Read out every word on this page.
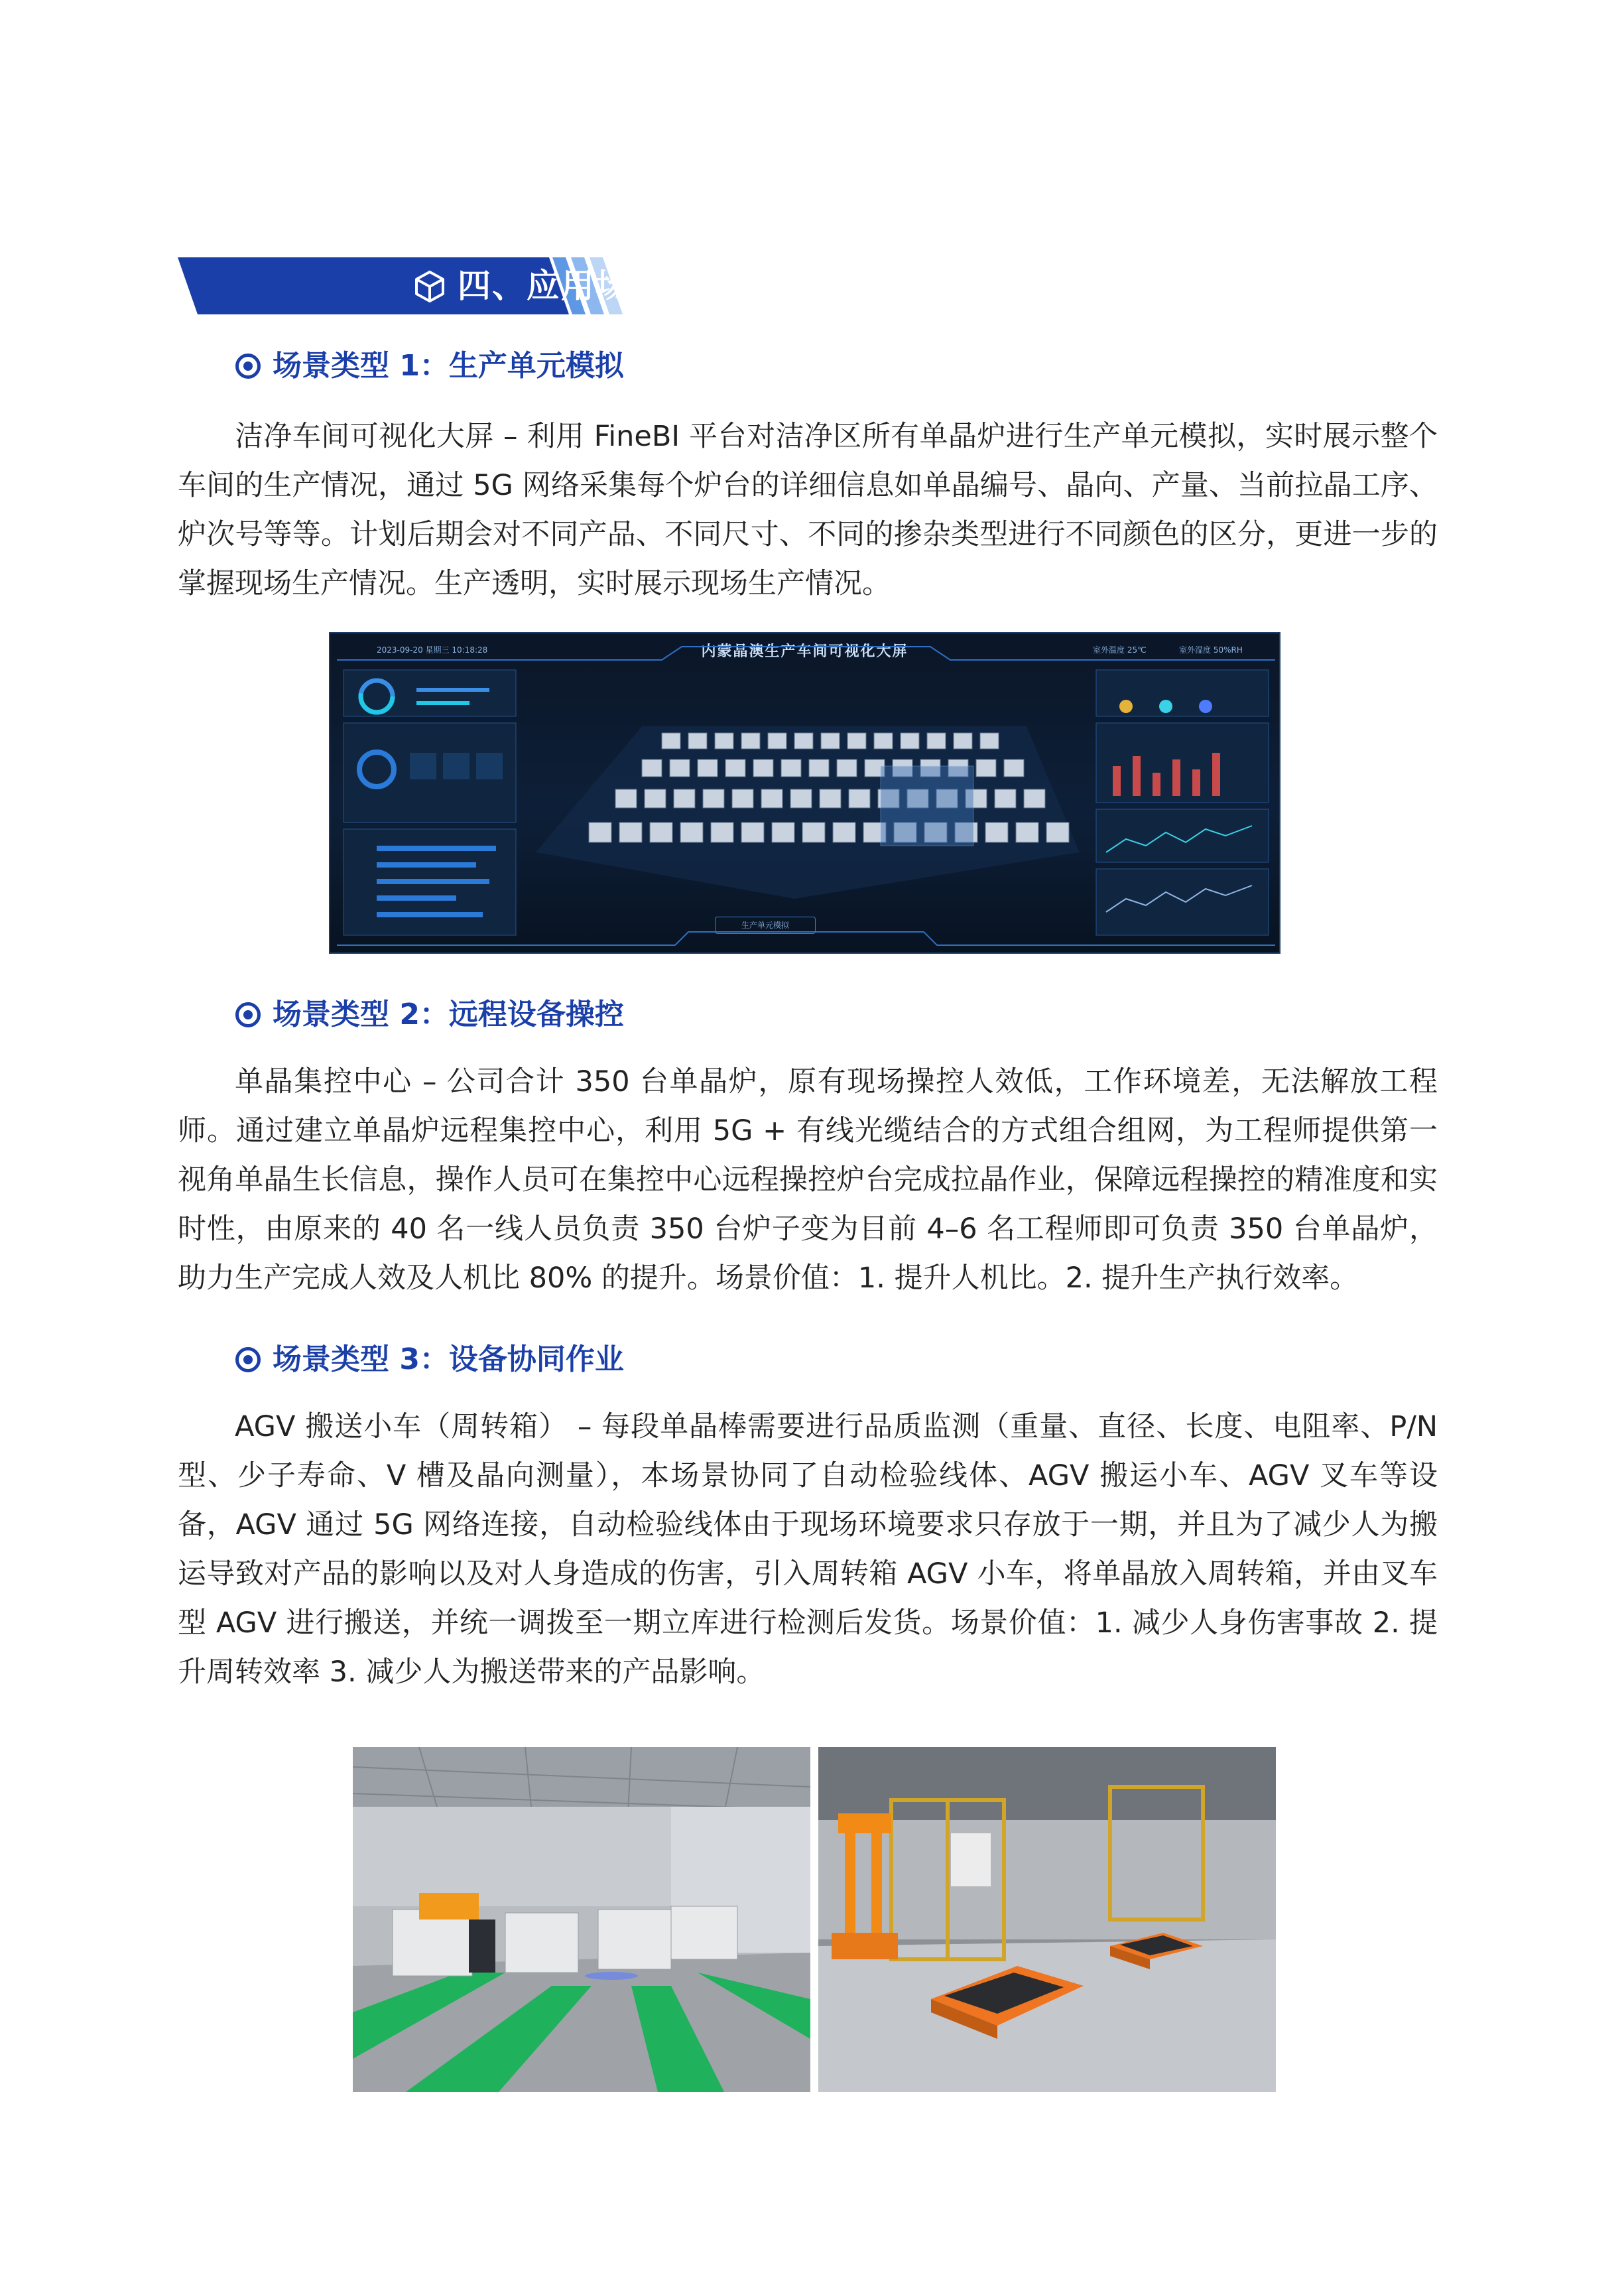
四、应用场景
场景类型 1：生产单元模拟

洁净车间可视化大屏 – 利用 FineBI 平台对洁净区所有单晶炉进行生产单元模拟，实时展示整个车间的生产情况，通过 5G 网络采集每个炉台的详细信息如单晶编号、晶向、产量、当前拉晶工序、炉次号等等。计划后期会对不同产品、不同尺寸、不同的掺杂类型进行不同颜色的区分，更进一步的掌握现场生产情况。生产透明，实时展示现场生产情况。

2023-09-20 星期三 10:18:28	内蒙晶澳生产车间可视化大屏	室外温度 25℃	室外湿度 50%RH
生产单元模拟
场景类型 2：远程设备操控

单晶集控中心 – 公司合计 350 台单晶炉，原有现场操控人效低，工作环境差，无法解放工程师。通过建立单晶炉远程集控中心，利用 5G + 有线光缆结合的方式组合组网，为工程师提供第一视角单晶生长信息，操作人员可在集控中心远程操控炉台完成拉晶作业，保障远程操控的精准度和实时性，由原来的 40 名一线人员负责 350 台炉子变为目前 4–6 名工程师即可负责 350 台单晶炉，助力生产完成人效及人机比 80% 的提升。场景价值：1. 提升人机比。2. 提升生产执行效率。

场景类型 3：设备协同作业

AGV 搬送小车（周转箱） – 每段单晶棒需要进行品质监测（重量、直径、长度、电阻率、P/N 型、少子寿命、V 槽及晶向测量），本场景协同了自动检验线体、AGV 搬运小车、AGV 叉车等设备，AGV 通过 5G 网络连接，自动检验线体由于现场环境要求只存放于一期，并且为了减少人为搬运导致对产品的影响以及对人身造成的伤害，引入周转箱 AGV 小车，将单晶放入周转箱，并由叉车型 AGV 进行搬送，并统一调拨至一期立库进行检测后发货。场景价值：1. 减少人身伤害事故 2. 提升周转效率 3. 减少人为搬送带来的产品影响。
